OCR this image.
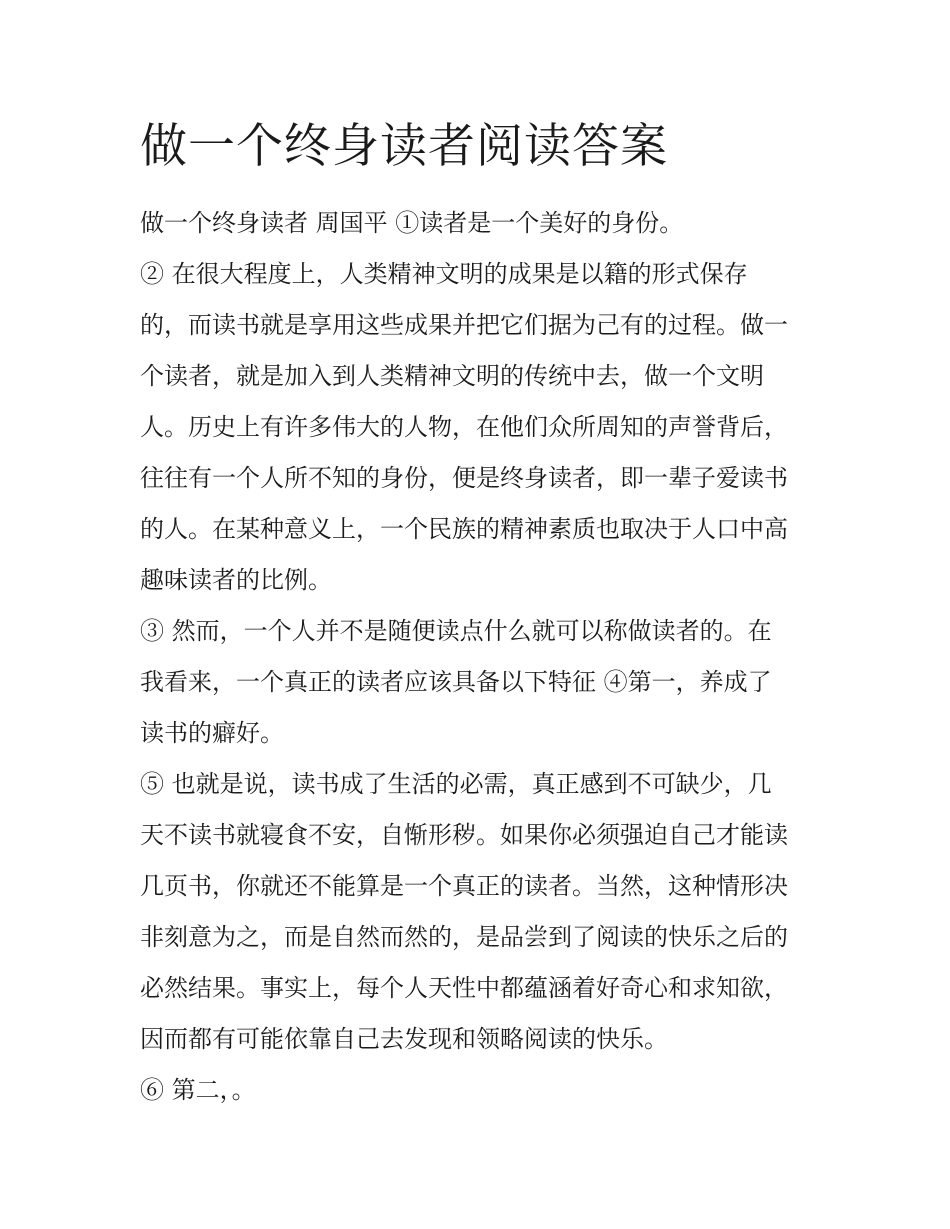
做一个终身读者阅读答案
做一个终身读者 周国平 ①读者是一个美好的身份。
② 在很大程度上，人类精神文明的成果是以籍的形式保存
的，而读书就是享用这些成果并把它们据为己有的过程。做一
个读者，就是加入到人类精神文明的传统中去，做一个文明
人。历史上有许多伟大的人物，在他们众所周知的声誉背后，
往往有一个人所不知的身份，便是终身读者，即一辈子爱读书
的人。在某种意义上，一个民族的精神素质也取决于人口中高
趣味读者的比例。
③ 然而，一个人并不是随便读点什么就可以称做读者的。在
我看来，一个真正的读者应该具备以下特征 ④第一，养成了
读书的癖好。
⑤ 也就是说，读书成了生活的必需，真正感到不可缺少，几
天不读书就寝食不安，自惭形秽。如果你必须强迫自己才能读
几页书，你就还不能算是一个真正的读者。当然，这种情形决
非刻意为之，而是自然而然的，是品尝到了阅读的快乐之后的
必然结果。事实上，每个人天性中都蕴涵着好奇心和求知欲，
因而都有可能依靠自己去发现和领略阅读的快乐。
⑥ 第二，。
